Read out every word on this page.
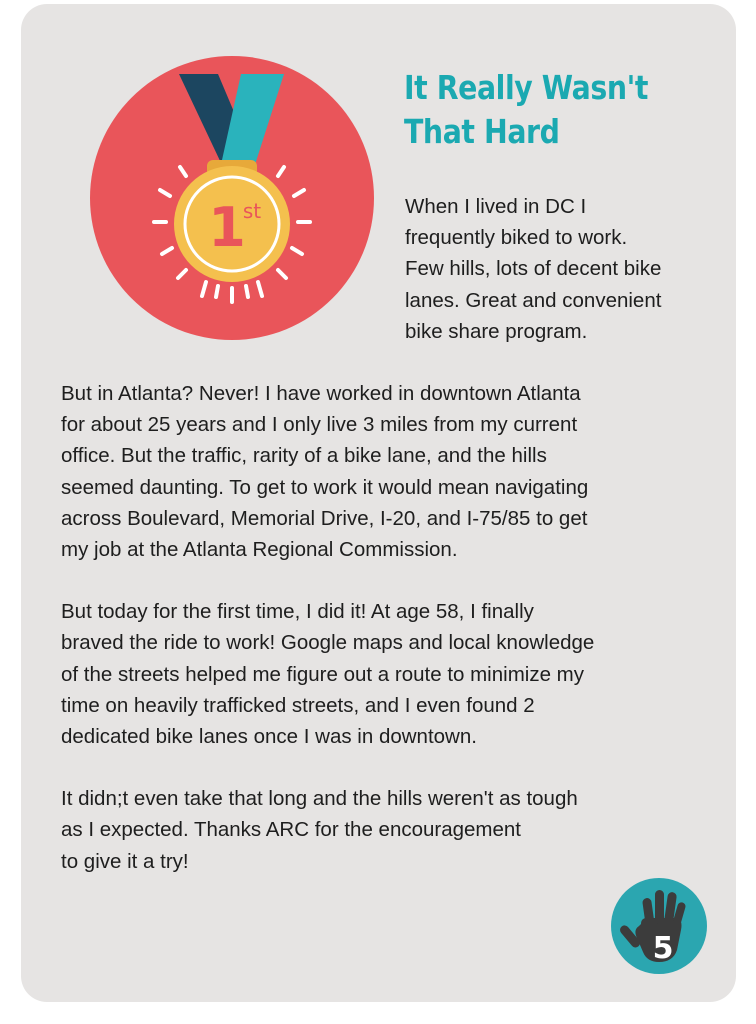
1
st
It Really Wasn't
That Hard

When I lived in DC I
frequently biked to work.
Few hills, lots of decent bike
lanes. Great and convenient
bike share program.

But in Atlanta? Never! I have worked in downtown Atlanta
for about 25 years and I only live 3 miles from my current
office. But the traffic, rarity of a bike lane, and the hills
seemed daunting. To get to work it would mean navigating
across Boulevard, Memorial Drive, I-20, and I-75/85 to get
my job at the Atlanta Regional Commission.

But today for the first time, I did it! At age 58, I finally
braved the ride to work! Google maps and local knowledge
of the streets helped me figure out a route to minimize my
time on heavily trafficked streets, and I even found 2
dedicated bike lanes once I was in downtown.

It didn;t even take that long and the hills weren't as tough
as I expected. Thanks ARC for the encouragement
to give it a try!

5
